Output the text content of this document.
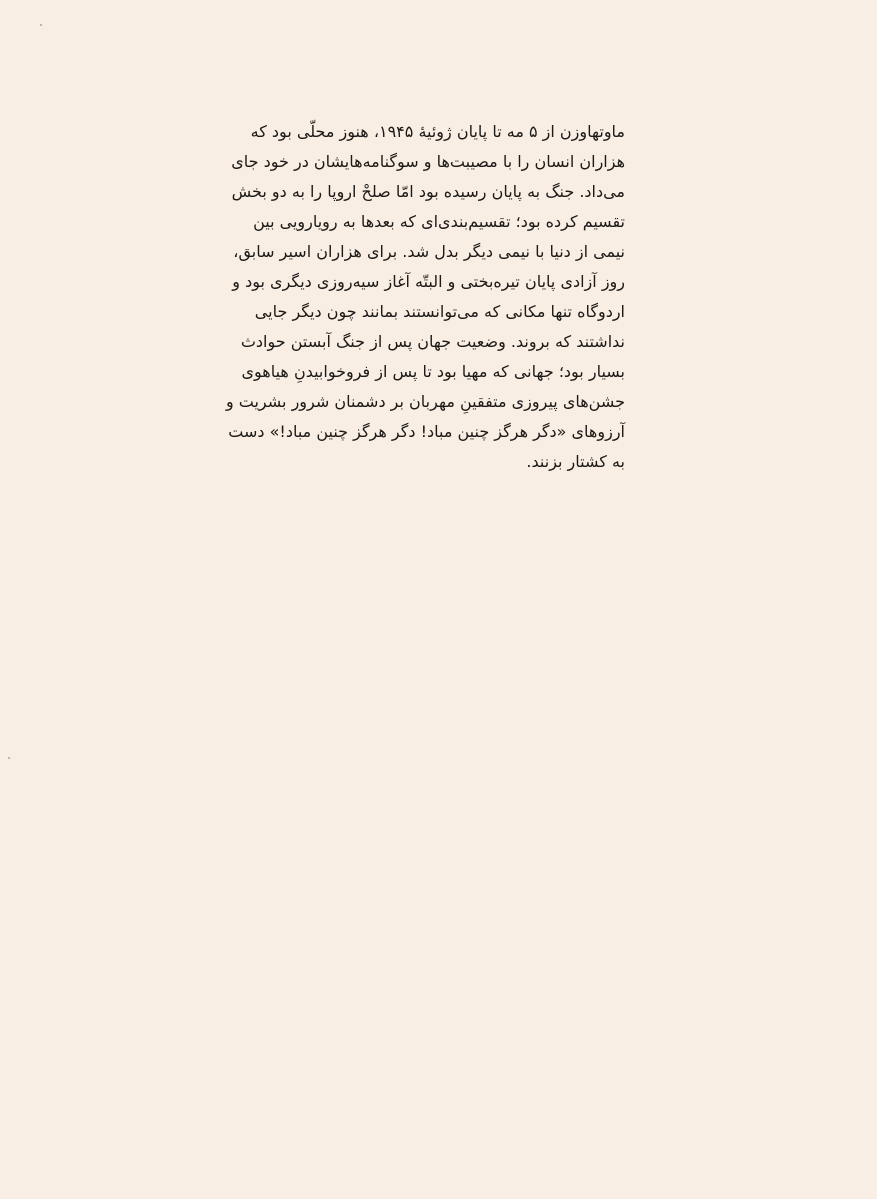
ماوتهاوزن از ۵ مه تا پایان ژوئیهٔ ۱۹۴۵، هنوز محلّی بود که
هزاران انسان را با مصیبت‌ها و سوگنامه‌هایشان در خود جای
می‌داد. جنگ به پایان رسیده بود امّا صلحْ اروپا را به دو بخش
تقسیم کرده بود؛ تقسیم‌بندی‌ای که بعدها به رویارویی بین
نیمی از دنیا با نیمی دیگر بدل شد. برای هزاران اسیر سابق،
روز آزادی پایان تیره‌بختی و البتّه آغاز سیه‌روزی دیگری بود و
اردوگاه تنها مکانی که می‌توانستند بمانند چون دیگر جایی
نداشتند که بروند. وضعیت جهان پس از جنگ آبستن حوادث
بسیار بود؛ جهانی که مهیا بود تا پس از فروخوابیدنِ هیاهوی
جشن‌های پیروزی متفقینِ مهربان بر دشمنان شرور بشریت و
آرزوهای «دگر هرگز چنین مباد! دگر هرگز چنین مباد!» دست
به کشتار بزنند.
